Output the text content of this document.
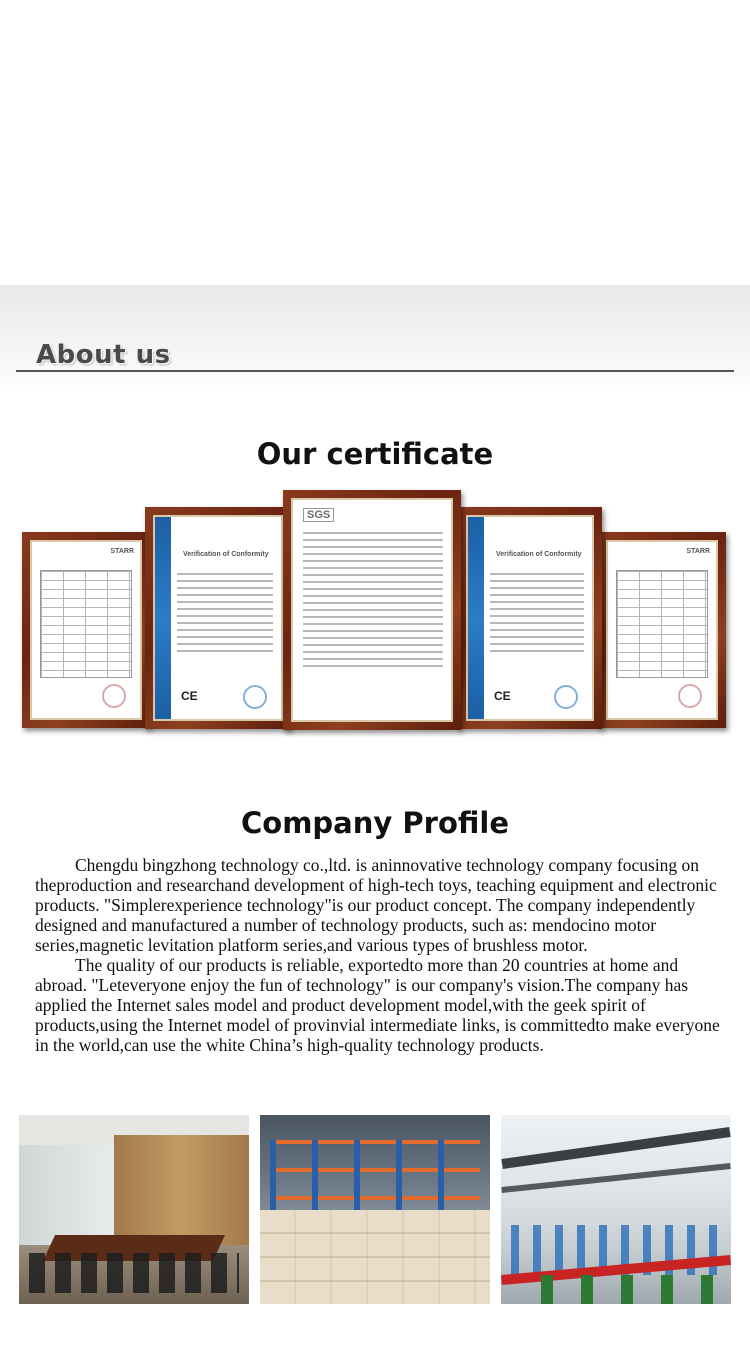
About us
Our certificate
STARR	Verification of Conformity
CE
SGS
Verification of Conformity
CE
STARR
Company Profile

Chengdu bingzhong technology co.,ltd. is aninnovative technology company focusing on theproduction and researchand development of high-tech toys, teaching equipment and electronic products. "Simplerexperience technology"is our product concept. The company independently designed and manufactured a number of technology products, such as: mendocino motor series,magnetic levitation platform series,and various types of brushless motor.

The quality of our products is reliable, exportedto more than 20 countries at home and abroad. "Leteveryone enjoy the fun of technology" is our company's vision.The company has applied the Internet sales model and product development model,with the geek spirit of products,using the Internet model of provinvial intermediate links, is committedto make everyone in the world,can use the white China’s high-quality technology products.
